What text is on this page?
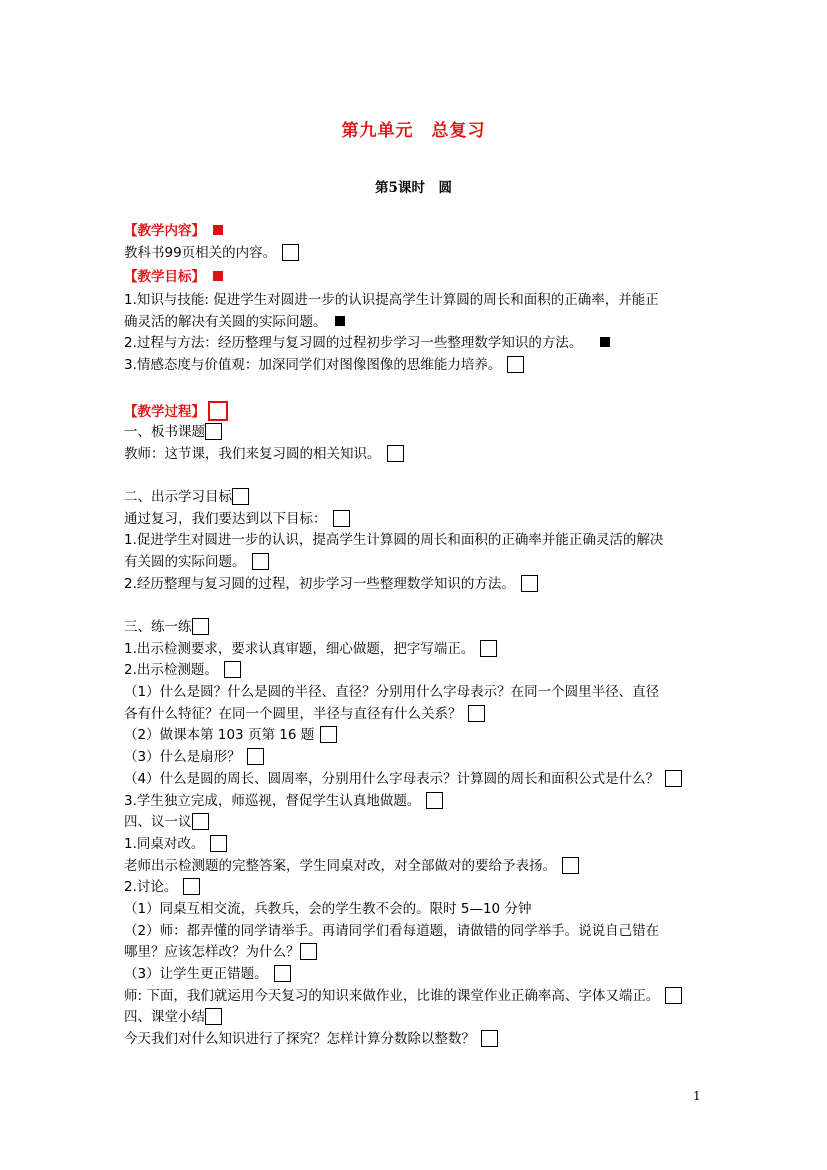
第九单元　总复习
第5课时　圆
【教学内容】
教科书99页相关的内容。
【教学目标】
1.知识与技能: 促进学生对圆进一步的认识提高学生计算圆的周长和面积的正确率，并能正
确灵活的解决有关圆的实际问题。
2.过程与方法：经历整理与复习圆的过程初步学习一些整理数学知识的方法。
3.情感态度与价值观：加深同学们对图像图像的思维能力培养。
【教学过程】
一、板书课题
教师：这节课，我们来复习圆的相关知识。
二、出示学习目标
通过复习，我们要达到以下目标：
1.促进学生对圆进一步的认识，提高学生计算圆的周长和面积的正确率并能正确灵活的解决
有关圆的实际问题。
2.经历整理与复习圆的过程，初步学习一些整理数学知识的方法。
三、练一练
1.出示检测要求，要求认真审题，细心做题，把字写端正。
2.出示检测题。
（1）什么是圆？什么是圆的半径、直径？分别用什么字母表示？在同一个圆里半径、直径
各有什么特征？在同一个圆里，半径与直径有什么关系？
（2）做课本第 103 页第 16 题
（3）什么是扇形？
（4）什么是圆的周长、圆周率，分别用什么字母表示？计算圆的周长和面积公式是什么？
3.学生独立完成，师巡视，督促学生认真地做题。
四、议一议
1.同桌对改。
老师出示检测题的完整答案，学生同桌对改，对全部做对的要给予表扬。
2.讨论。
（1）同桌互相交流，兵教兵，会的学生教不会的。限时 5—10 分钟
（2）师：都弄懂的同学请举手。再请同学们看每道题，请做错的同学举手。说说自己错在
哪里？应该怎样改？为什么？
（3）让学生更正错题。
师: 下面，我们就运用今天复习的知识来做作业，比谁的课堂作业正确率高、字体又端正。
四、课堂小结
今天我们对什么知识进行了探究？怎样计算分数除以整数？
1
